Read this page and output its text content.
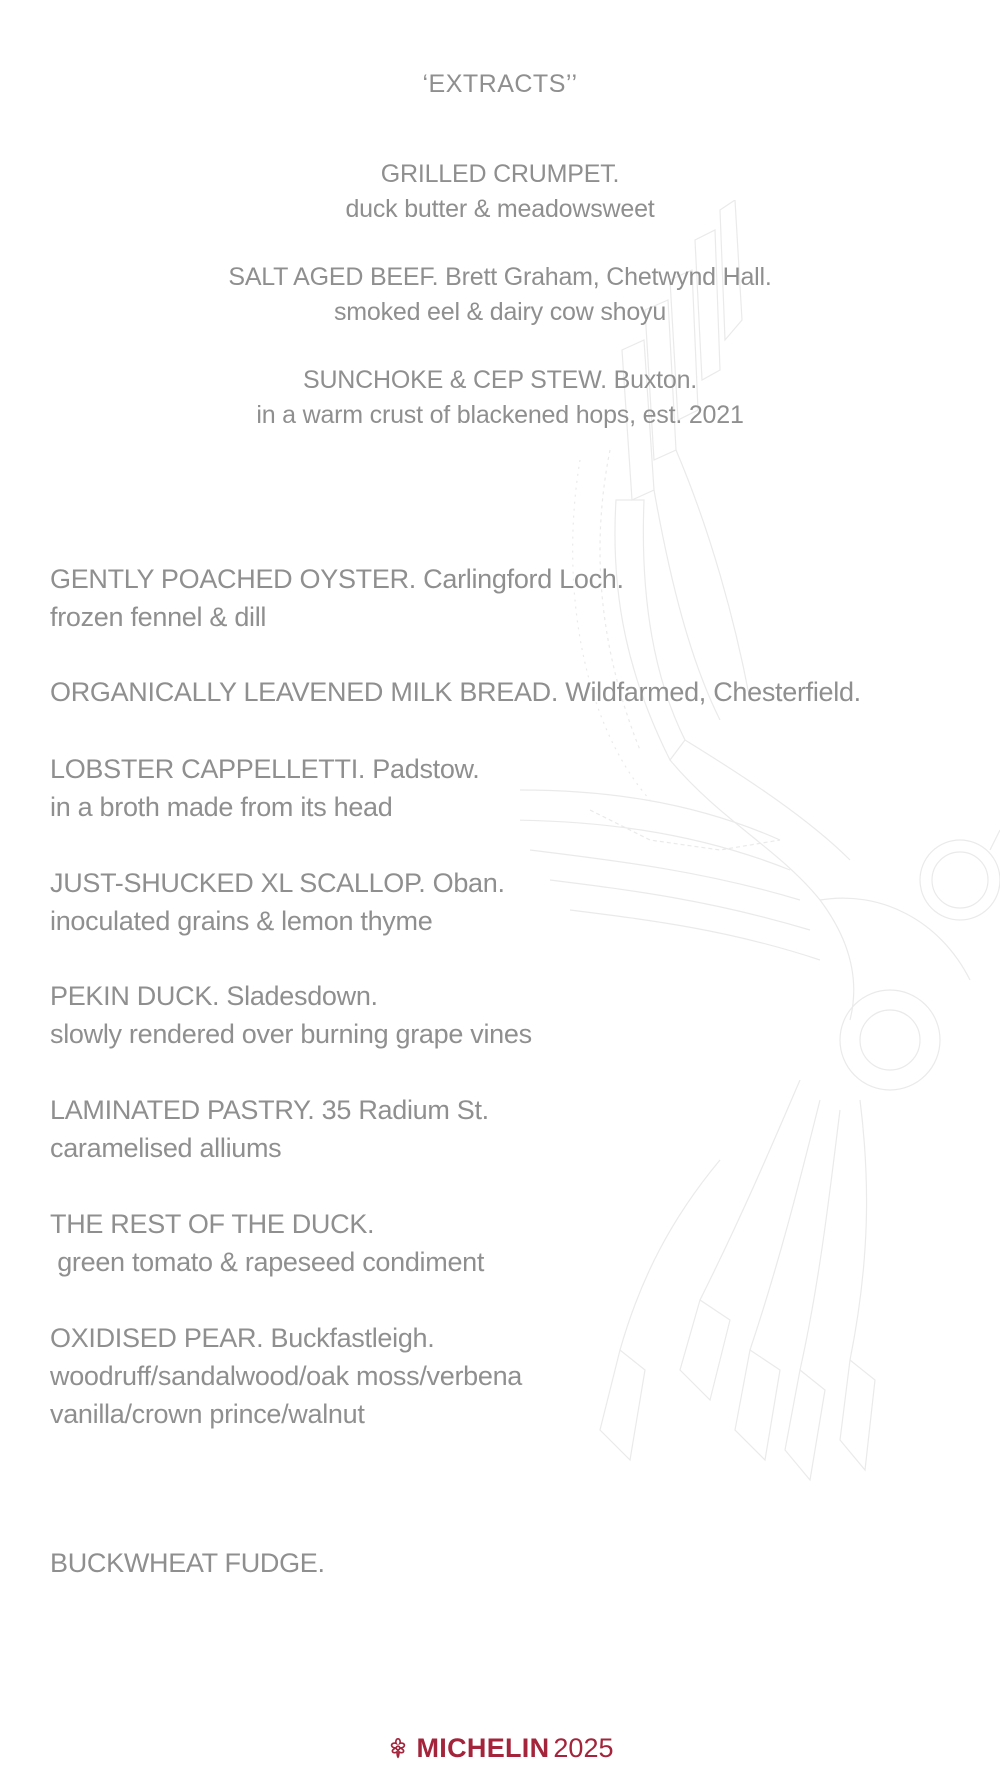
‘EXTRACTS’’
GRILLED CRUMPET.
duck butter & meadowsweet
SALT AGED BEEF. Brett Graham, Chetwynd Hall.
smoked eel & dairy cow shoyu
SUNCHOKE & CEP STEW. Buxton.
in a warm crust of blackened hops, est. 2021
GENTLY POACHED OYSTER. Carlingford Loch.
frozen fennel & dill
ORGANICALLY LEAVENED MILK BREAD. Wildfarmed, Chesterfield.
LOBSTER CAPPELLETTI. Padstow.
in a broth made from its head
JUST-SHUCKED XL SCALLOP. Oban.
inoculated grains & lemon thyme
PEKIN DUCK. Sladesdown.
slowly rendered over burning grape vines
LAMINATED PASTRY. 35 Radium St.
caramelised alliums
THE REST OF THE DUCK.
green tomato & rapeseed condiment
OXIDISED PEAR. Buckfastleigh.
woodruff/sandalwood/oak moss/verbena
vanilla/crown prince/walnut
BUCKWHEAT FUDGE.
MICHELIN 2025
